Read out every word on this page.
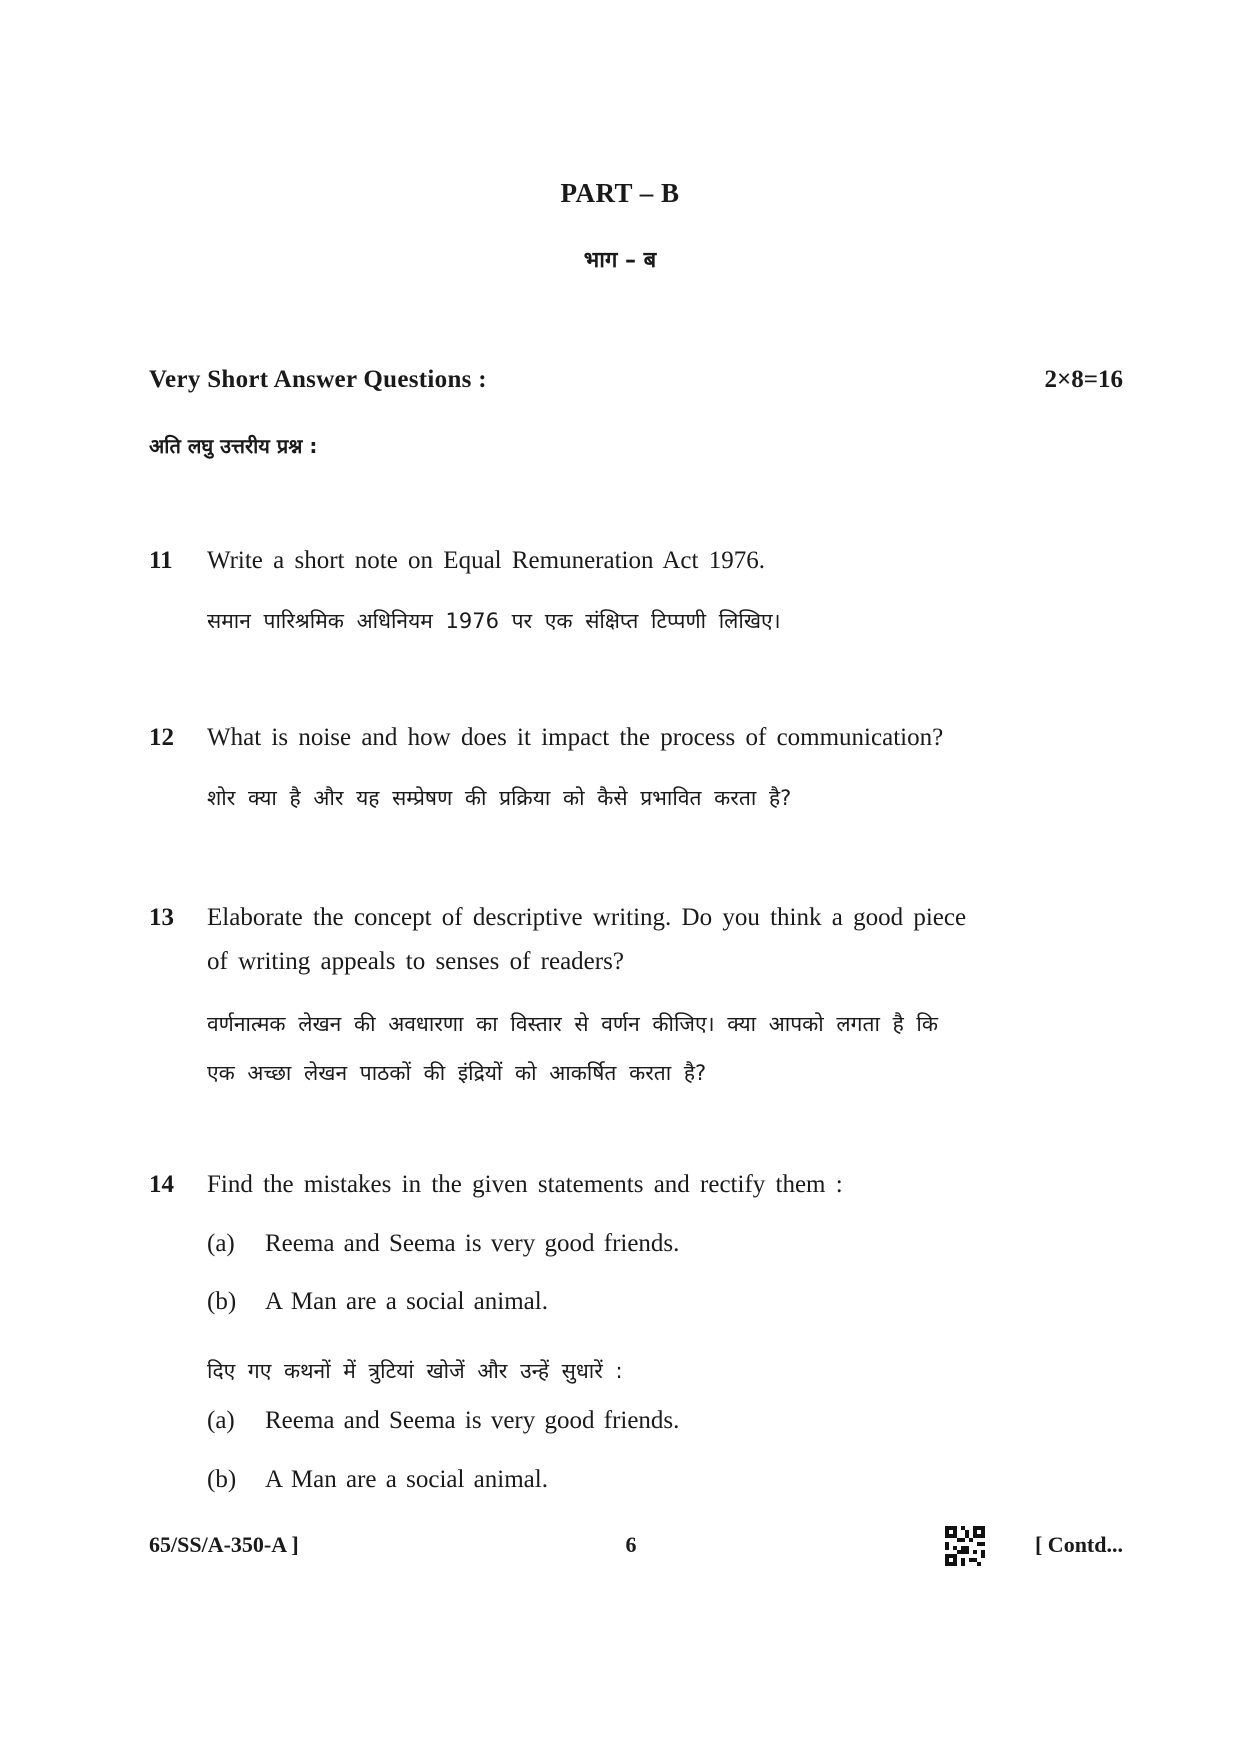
PART – B
भाग – ब
Very Short Answer Questions :	2×8=16
अति लघु उत्तरीय प्रश्न :
11 Write a short note on Equal Remuneration Act 1976.
समान पारिश्रमिक अधिनियम 1976 पर एक संक्षिप्त टिप्पणी लिखिए।
12 What is noise and how does it impact the process of communication?
शोर क्या है और यह सम्प्रेषण की प्रक्रिया को कैसे प्रभावित करता है?
13 Elaborate the concept of descriptive writing. Do you think a good piece
of writing appeals to senses of readers?
वर्णनात्मक लेखन की अवधारणा का विस्तार से वर्णन कीजिए। क्या आपको लगता है कि
एक अच्छा लेखन पाठकों की इंद्रियों को आकर्षित करता है?
14 Find the mistakes in the given statements and rectify them :
(a) Reema and Seema is very good friends.
(b) A Man are a social animal.
दिए गए कथनों में त्रुटियां खोजें और उन्हें सुधारें :
(a) Reema and Seema is very good friends.
(b) A Man are a social animal.
65/SS/A-350-A ]	6	[ Contd...
